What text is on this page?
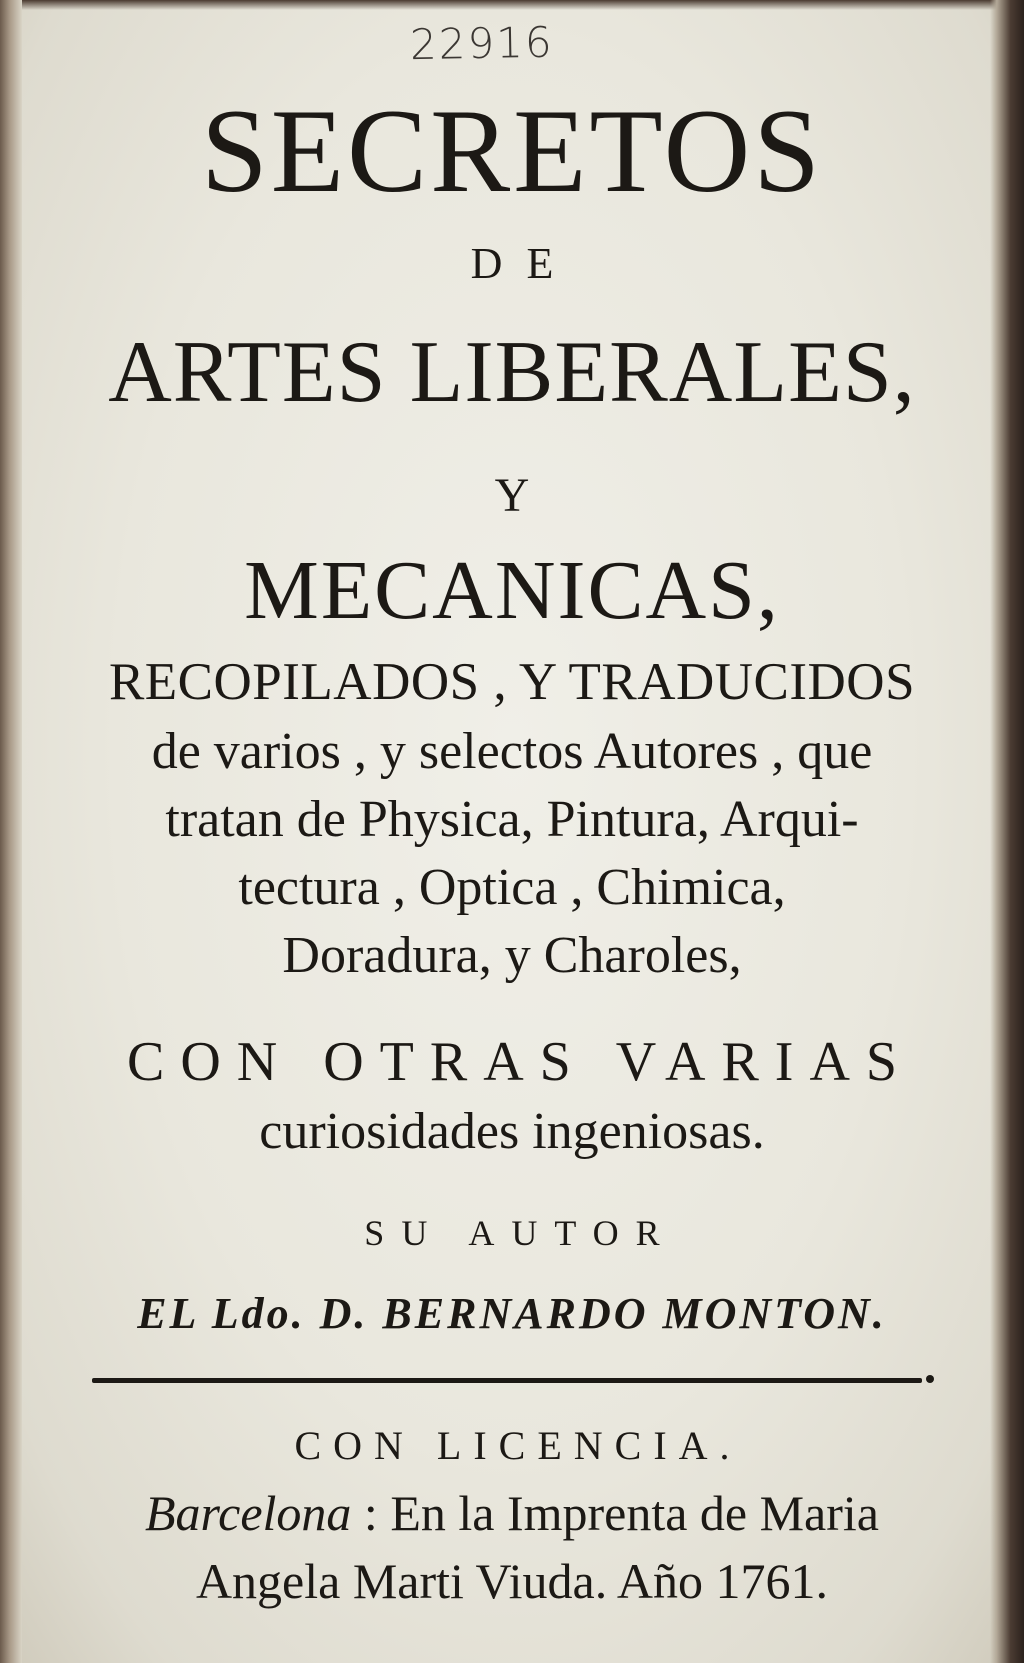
22916
SECRETOS
DE
ARTES LIBERALES,
Y
MECANICAS,
RECOPILADOS , Y TRADUCIDOS
de varios , y selectos Autores , que
tratan de Physica, Pintura, Arqui-
tectura , Optica , Chimica,
Doradura, y Charoles,
CON OTRAS VARIAS
curiosidades ingeniosas.
SU AUTOR
EL Ldo. D. BERNARDO MONTON.
CON LICENCIA.
Barcelona : En la Imprenta de Maria
Angela Marti Viuda. Año 1761.
